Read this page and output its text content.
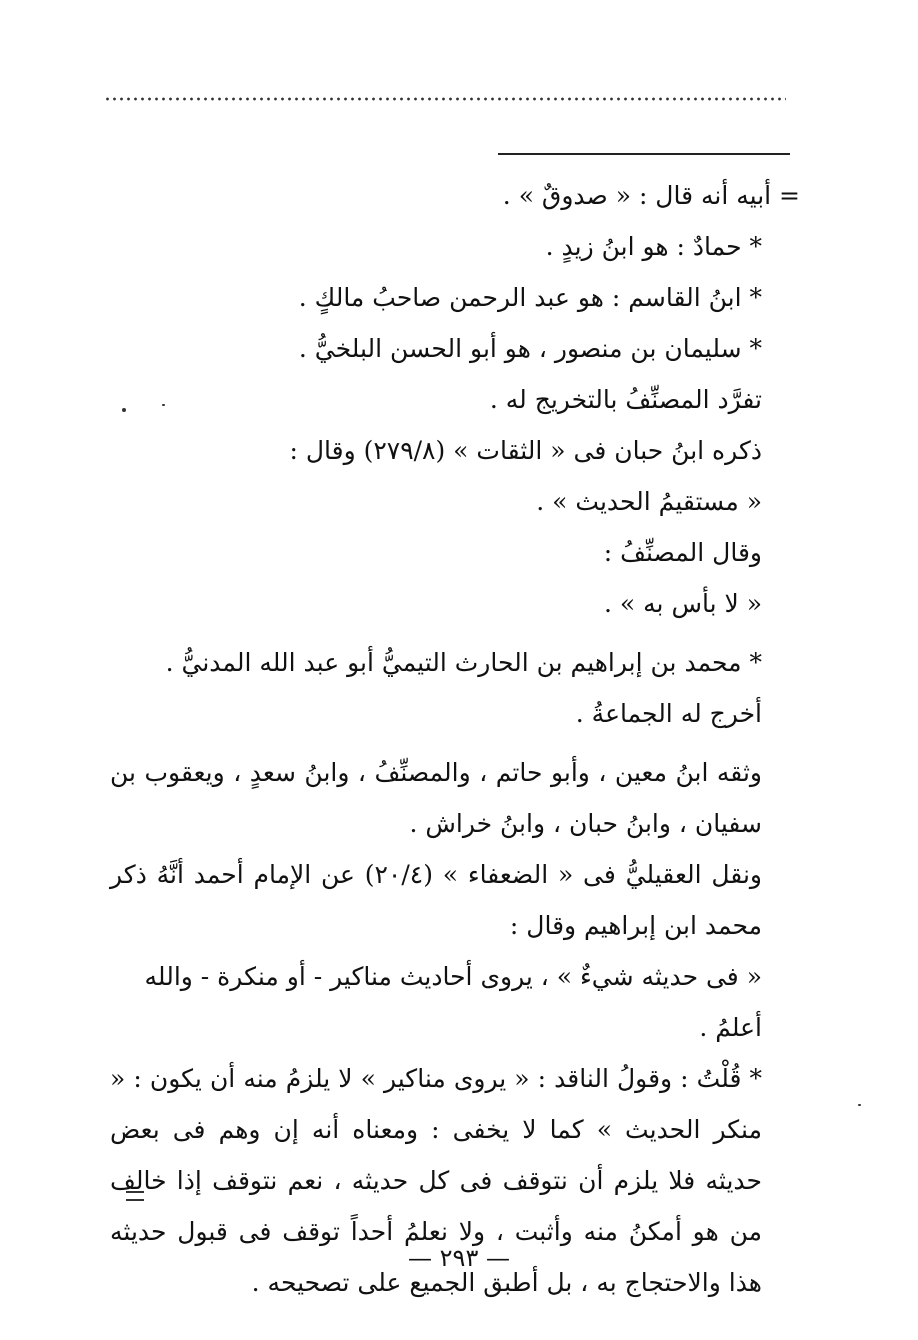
= أبيه أنه قال : « صدوقٌ » .

* حمادٌ : هو ابنُ زيدٍ .

* ابنُ القاسم : هو عبد الرحمن صاحبُ مالكٍ .

* سليمان بن منصور ، هو أبو الحسن البلخيُّ .

تفرَّد المصنِّفُ بالتخريج له .

ذكره ابنُ حبان فى « الثقات » (٢٧٩/٨) وقال :

« مستقيمُ الحديث » .

وقال المصنِّفُ :

« لا بأس به » .

* محمد بن إبراهيم بن الحارث التيميُّ أبو عبد الله المدنيُّ .

أخرج له الجماعةُ .

وثقه ابنُ معين ، وأبو حاتم ، والمصنِّفُ ، وابنُ سعدٍ ، ويعقوب بن سفيان ، وابنُ حبان ، وابنُ خراش .

ونقل العقيليُّ فى « الضعفاء » (٢٠/٤) عن الإمام أحمد أنَّهُ ذكر محمد ابن إبراهيم وقال :

« فى حديثه شيءٌ » ، يروى أحاديث مناكير - أو منكرة - والله أعلمُ .

* قُلْتُ : وقولُ الناقد : « يروى مناكير » لا يلزمُ منه أن يكون : « منكر الحديث » كما لا يخفى : ومعناه أنه إن وهم فى بعض حديثه فلا يلزم أن نتوقف فى كل حديثه ، نعم نتوقف إذا خالف من هو أمكنُ منه وأثبت ، ولا نعلمُ أحداً توقف فى قبول حديثه هذا والاحتجاج به ، بل أطبق الجميع على تصحيحه .

— ٢٩٣ —
